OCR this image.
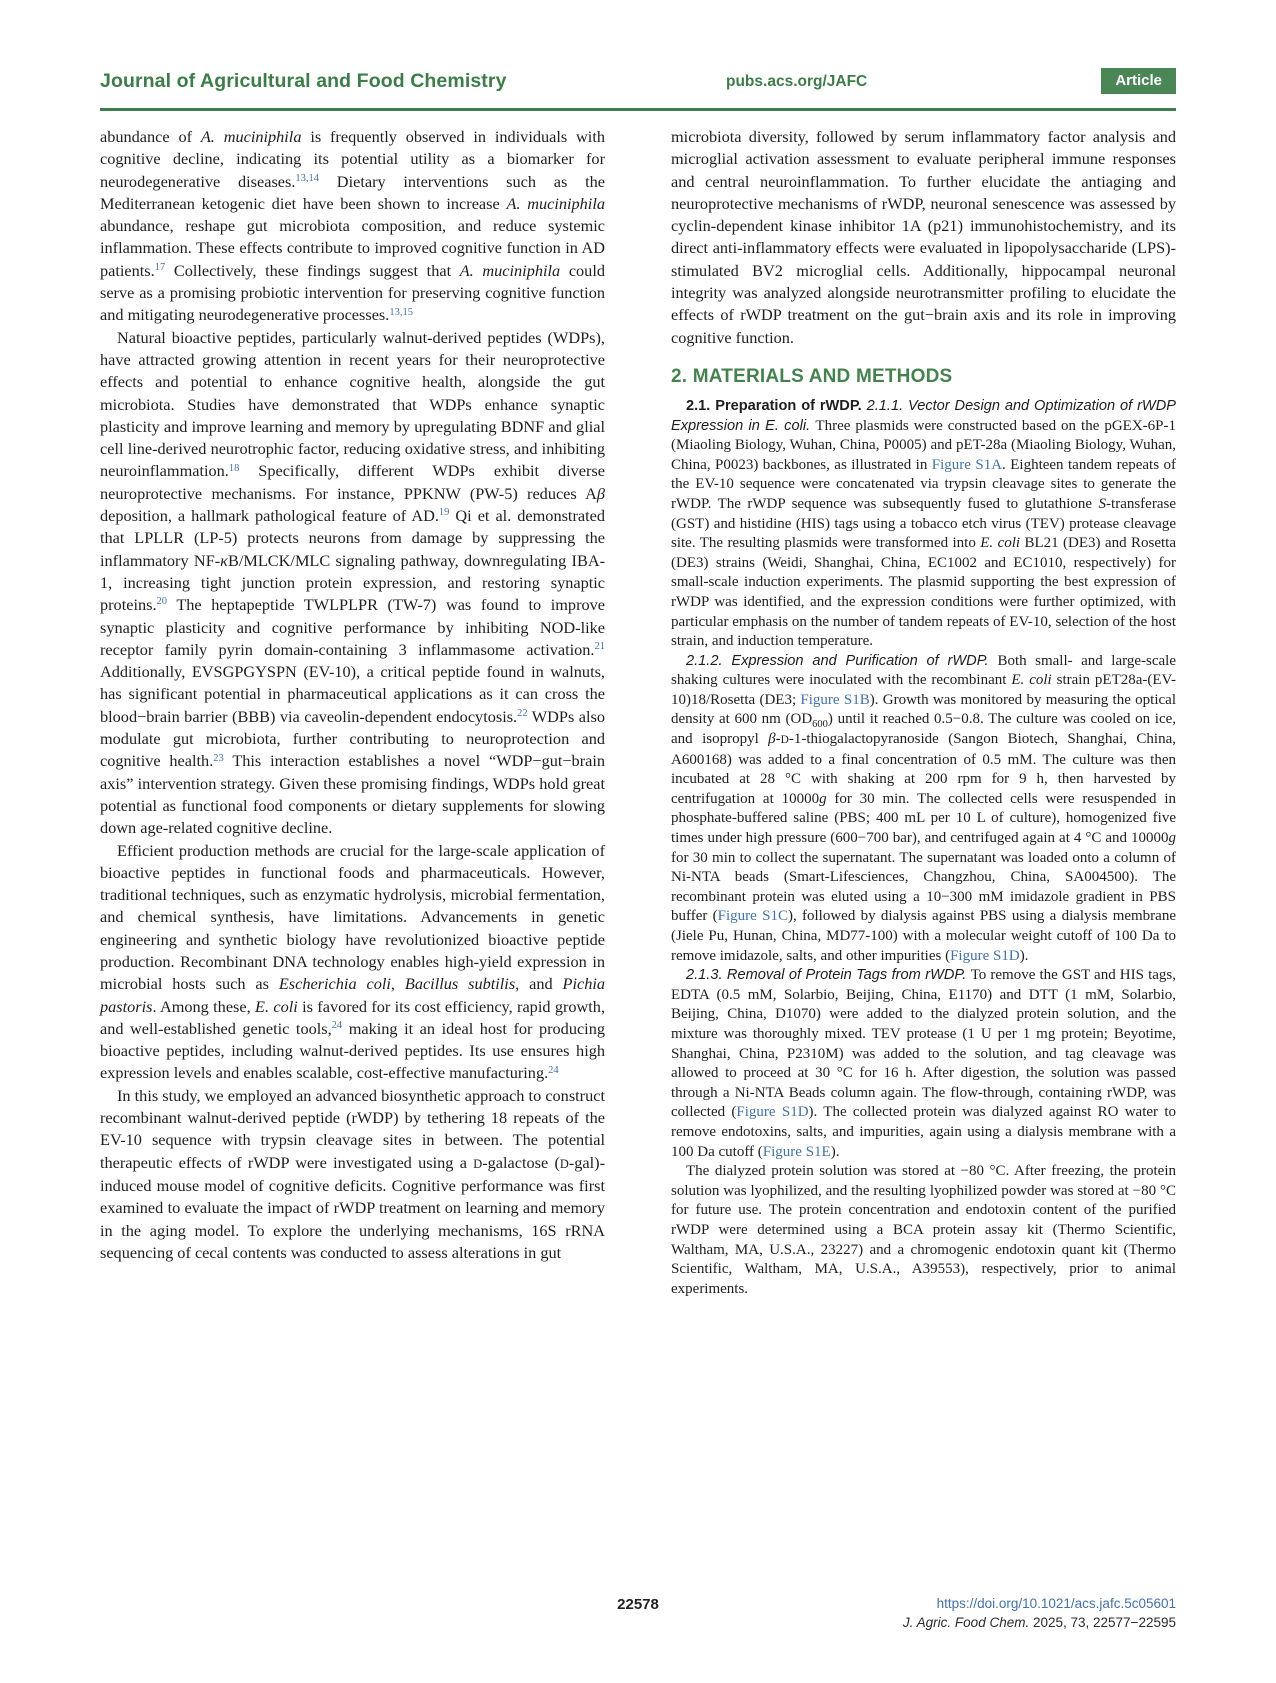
Journal of Agricultural and Food Chemistry	pubs.acs.org/JAFC	Article

abundance of A. muciniphila is frequently observed in individuals with cognitive decline, indicating its potential utility as a biomarker for neurodegenerative diseases.$^{13,14}$ Dietary interventions such as the Mediterranean ketogenic diet have been shown to increase A. muciniphila abundance, reshape gut microbiota composition, and reduce systemic inflammation. These effects contribute to improved cognitive function in AD patients.$^{17}$ Collectively, these findings suggest that A. muciniphila could serve as a promising probiotic intervention for preserving cognitive function and mitigating neurodegenerative processes.$^{13,15}$

Natural bioactive peptides, particularly walnut-derived peptides (WDPs), have attracted growing attention in recent years for their neuroprotective effects and potential to enhance cognitive health, alongside the gut microbiota. Studies have demonstrated that WDPs enhance synaptic plasticity and improve learning and memory by upregulating BDNF and glial cell line-derived neurotrophic factor, reducing oxidative stress, and inhibiting neuroinflammation.$^{18}$ Specifically, different WDPs exhibit diverse neuroprotective mechanisms. For instance, PPKNW (PW-5) reduces Aβ deposition, a hallmark pathological feature of AD.$^{19}$ Qi et al. demonstrated that LPLLR (LP-5) protects neurons from damage by suppressing the inflammatory NF-κB/MLCK/MLC signaling pathway, downregulating IBA-1, increasing tight junction protein expression, and restoring synaptic proteins.$^{20}$ The heptapeptide TWLPLPR (TW-7) was found to improve synaptic plasticity and cognitive performance by inhibiting NOD-like receptor family pyrin domain-containing 3 inflammasome activation.$^{21}$ Additionally, EVSGPGYSPN (EV-10), a critical peptide found in walnuts, has significant potential in pharmaceutical applications as it can cross the blood−brain barrier (BBB) via caveolin-dependent endocytosis.$^{22}$ WDPs also modulate gut microbiota, further contributing to neuroprotection and cognitive health.$^{23}$ This interaction establishes a novel “WDP−gut−brain axis” intervention strategy. Given these promising findings, WDPs hold great potential as functional food components or dietary supplements for slowing down age-related cognitive decline.

Efficient production methods are crucial for the large-scale application of bioactive peptides in functional foods and pharmaceuticals. However, traditional techniques, such as enzymatic hydrolysis, microbial fermentation, and chemical synthesis, have limitations. Advancements in genetic engineering and synthetic biology have revolutionized bioactive peptide production. Recombinant DNA technology enables high-yield expression in microbial hosts such as Escherichia coli, Bacillus subtilis, and Pichia pastoris. Among these, E. coli is favored for its cost efficiency, rapid growth, and well-established genetic tools,$^{24}$ making it an ideal host for producing bioactive peptides, including walnut-derived peptides. Its use ensures high expression levels and enables scalable, cost-effective manufacturing.$^{24}$

In this study, we employed an advanced biosynthetic approach to construct recombinant walnut-derived peptide (rWDP) by tethering 18 repeats of the EV-10 sequence with trypsin cleavage sites in between. The potential therapeutic effects of rWDP were investigated using a D-galactose (D-gal)-induced mouse model of cognitive deficits. Cognitive performance was first examined to evaluate the impact of rWDP treatment on learning and memory in the aging model. To explore the underlying mechanisms, 16S rRNA sequencing of cecal contents was conducted to assess alterations in gut

microbiota diversity, followed by serum inflammatory factor analysis and microglial activation assessment to evaluate peripheral immune responses and central neuroinflammation. To further elucidate the antiaging and neuroprotective mechanisms of rWDP, neuronal senescence was assessed by cyclin-dependent kinase inhibitor 1A (p21) immunohistochemistry, and its direct anti-inflammatory effects were evaluated in lipopolysaccharide (LPS)-stimulated BV2 microglial cells. Additionally, hippocampal neuronal integrity was analyzed alongside neurotransmitter profiling to elucidate the effects of rWDP treatment on the gut−brain axis and its role in improving cognitive function.

2. MATERIALS AND METHODS

2.1. Preparation of rWDP. 2.1.1. Vector Design and Optimization of rWDP Expression in E. coli. Three plasmids were constructed based on the pGEX-6P-1 (Miaoling Biology, Wuhan, China, P0005) and pET-28a (Miaoling Biology, Wuhan, China, P0023) backbones, as illustrated in Figure S1A. Eighteen tandem repeats of the EV-10 sequence were concatenated via trypsin cleavage sites to generate the rWDP. The rWDP sequence was subsequently fused to glutathione S-transferase (GST) and histidine (HIS) tags using a tobacco etch virus (TEV) protease cleavage site. The resulting plasmids were transformed into E. coli BL21 (DE3) and Rosetta (DE3) strains (Weidi, Shanghai, China, EC1002 and EC1010, respectively) for small-scale induction experiments. The plasmid supporting the best expression of rWDP was identified, and the expression conditions were further optimized, with particular emphasis on the number of tandem repeats of EV-10, selection of the host strain, and induction temperature.

2.1.2. Expression and Purification of rWDP. Both small- and large-scale shaking cultures were inoculated with the recombinant E. coli strain pET28a-(EV-10)18/Rosetta (DE3; Figure S1B). Growth was monitored by measuring the optical density at 600 nm $(OD_{600})$ until it reached 0.5−0.8. The culture was cooled on ice, and isopropyl β-D-1-thiogalactopyranoside (Sangon Biotech, Shanghai, China, A600168) was added to a final concentration of 0.5 mM. The culture was then incubated at 28 °C with shaking at 200 rpm for 9 h, then harvested by centrifugation at 10000g for 30 min. The collected cells were resuspended in phosphate-buffered saline (PBS; 400 mL per 10 L of culture), homogenized five times under high pressure (600−700 bar), and centrifuged again at 4 °C and 10000g for 30 min to collect the supernatant. The supernatant was loaded onto a column of Ni-NTA beads (Smart-Lifesciences, Changzhou, China, SA004500). The recombinant protein was eluted using a 10−300 mM imidazole gradient in PBS buffer (Figure S1C), followed by dialysis against PBS using a dialysis membrane (Jiele Pu, Hunan, China, MD77-100) with a molecular weight cutoff of 100 Da to remove imidazole, salts, and other impurities (Figure S1D).

2.1.3. Removal of Protein Tags from rWDP. To remove the GST and HIS tags, EDTA (0.5 mM, Solarbio, Beijing, China, E1170) and DTT (1 mM, Solarbio, Beijing, China, D1070) were added to the dialyzed protein solution, and the mixture was thoroughly mixed. TEV protease (1 U per 1 mg protein; Beyotime, Shanghai, China, P2310M) was added to the solution, and tag cleavage was allowed to proceed at 30 °C for 16 h. After digestion, the solution was passed through a Ni-NTA Beads column again. The flow-through, containing rWDP, was collected (Figure S1D). The collected protein was dialyzed against RO water to remove endotoxins, salts, and impurities, again using a dialysis membrane with a 100 Da cutoff (Figure S1E).

The dialyzed protein solution was stored at −80 °C. After freezing, the protein solution was lyophilized, and the resulting lyophilized powder was stored at −80 °C for future use. The protein concentration and endotoxin content of the purified rWDP were determined using a BCA protein assay kit (Thermo Scientific, Waltham, MA, U.S.A., 23227) and a chromogenic endotoxin quant kit (Thermo Scientific, Waltham, MA, U.S.A., A39553), respectively, prior to animal experiments.

22578	https://doi.org/10.1021/acs.jafc.5c05601
J. Agric. Food Chem. 2025, 73, 22577−22595
